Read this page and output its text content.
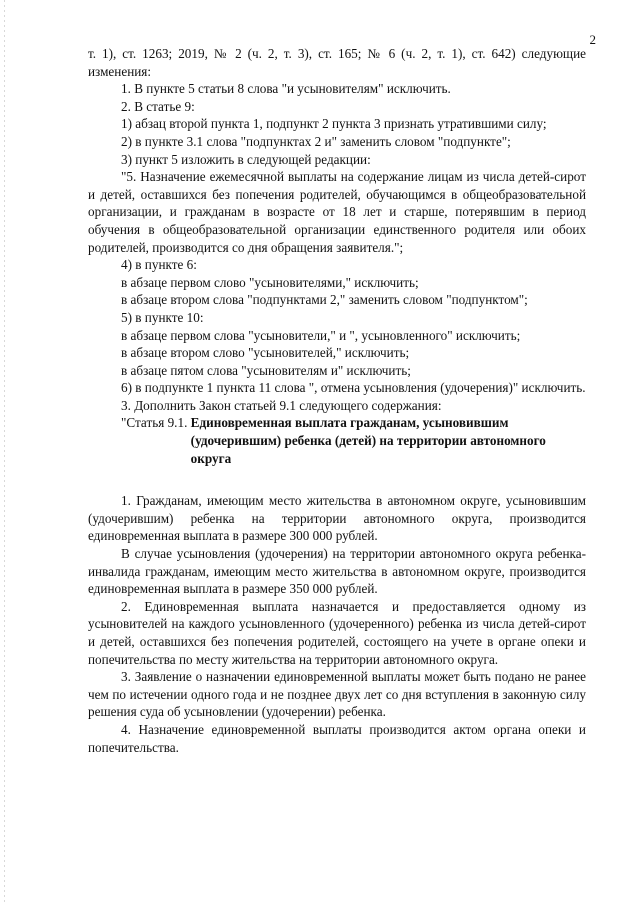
2

т. 1), ст. 1263; 2019, № 2 (ч. 2, т. 3), ст. 165; № 6 (ч. 2, т. 1), ст. 642) следующие изменения:

1. В пункте 5 статьи 8 слова "и усыновителям" исключить.

2. В статье 9:

1) абзац второй пункта 1, подпункт 2 пункта 3 признать утратившими силу;

2) в пункте 3.1 слова "подпунктах 2 и" заменить словом "подпункте";

3) пункт 5 изложить в следующей редакции:

"5. Назначение ежемесячной выплаты на содержание лицам из числа детей-сирот и детей, оставшихся без попечения родителей, обучающимся в общеобразовательной организации, и гражданам в возрасте от 18 лет и старше, потерявшим в период обучения в общеобразовательной организации единственного родителя или обоих родителей, производится со дня обращения заявителя.";

4) в пункте 6:

в абзаце первом слово "усыновителями," исключить;

в абзаце втором слова "подпунктами 2," заменить словом "подпунктом";

5) в пункте 10:

в абзаце первом слова "усыновители," и ", усыновленного" исключить;

в абзаце втором слово "усыновителей," исключить;

в абзаце пятом слова "усыновителям и" исключить;

6) в подпункте 1 пункта 11 слова ", отмена усыновления (удочерения)" исключить.

3. Дополнить Закон статьей 9.1 следующего содержания:

"Статья 9.1. Единовременная выплата гражданам, усыновившим (удочерившим) ребенка (детей) на территории автономного округа

1. Гражданам, имеющим место жительства в автономном округе, усыновившим (удочерившим) ребенка на территории автономного округа, производится единовременная выплата в размере 300 000 рублей.

В случае усыновления (удочерения) на территории автономного округа ребенка-инвалида гражданам, имеющим место жительства в автономном округе, производится единовременная выплата в размере 350 000 рублей.

2. Единовременная выплата назначается и предоставляется одному из усыновителей на каждого усыновленного (удочеренного) ребенка из числа детей-сирот и детей, оставшихся без попечения родителей, состоящего на учете в органе опеки и попечительства по месту жительства на территории автономного округа.

3. Заявление о назначении единовременной выплаты может быть подано не ранее чем по истечении одного года и не позднее двух лет со дня вступления в законную силу решения суда об усыновлении (удочерении) ребенка.

4. Назначение единовременной выплаты производится актом органа опеки и попечительства.
